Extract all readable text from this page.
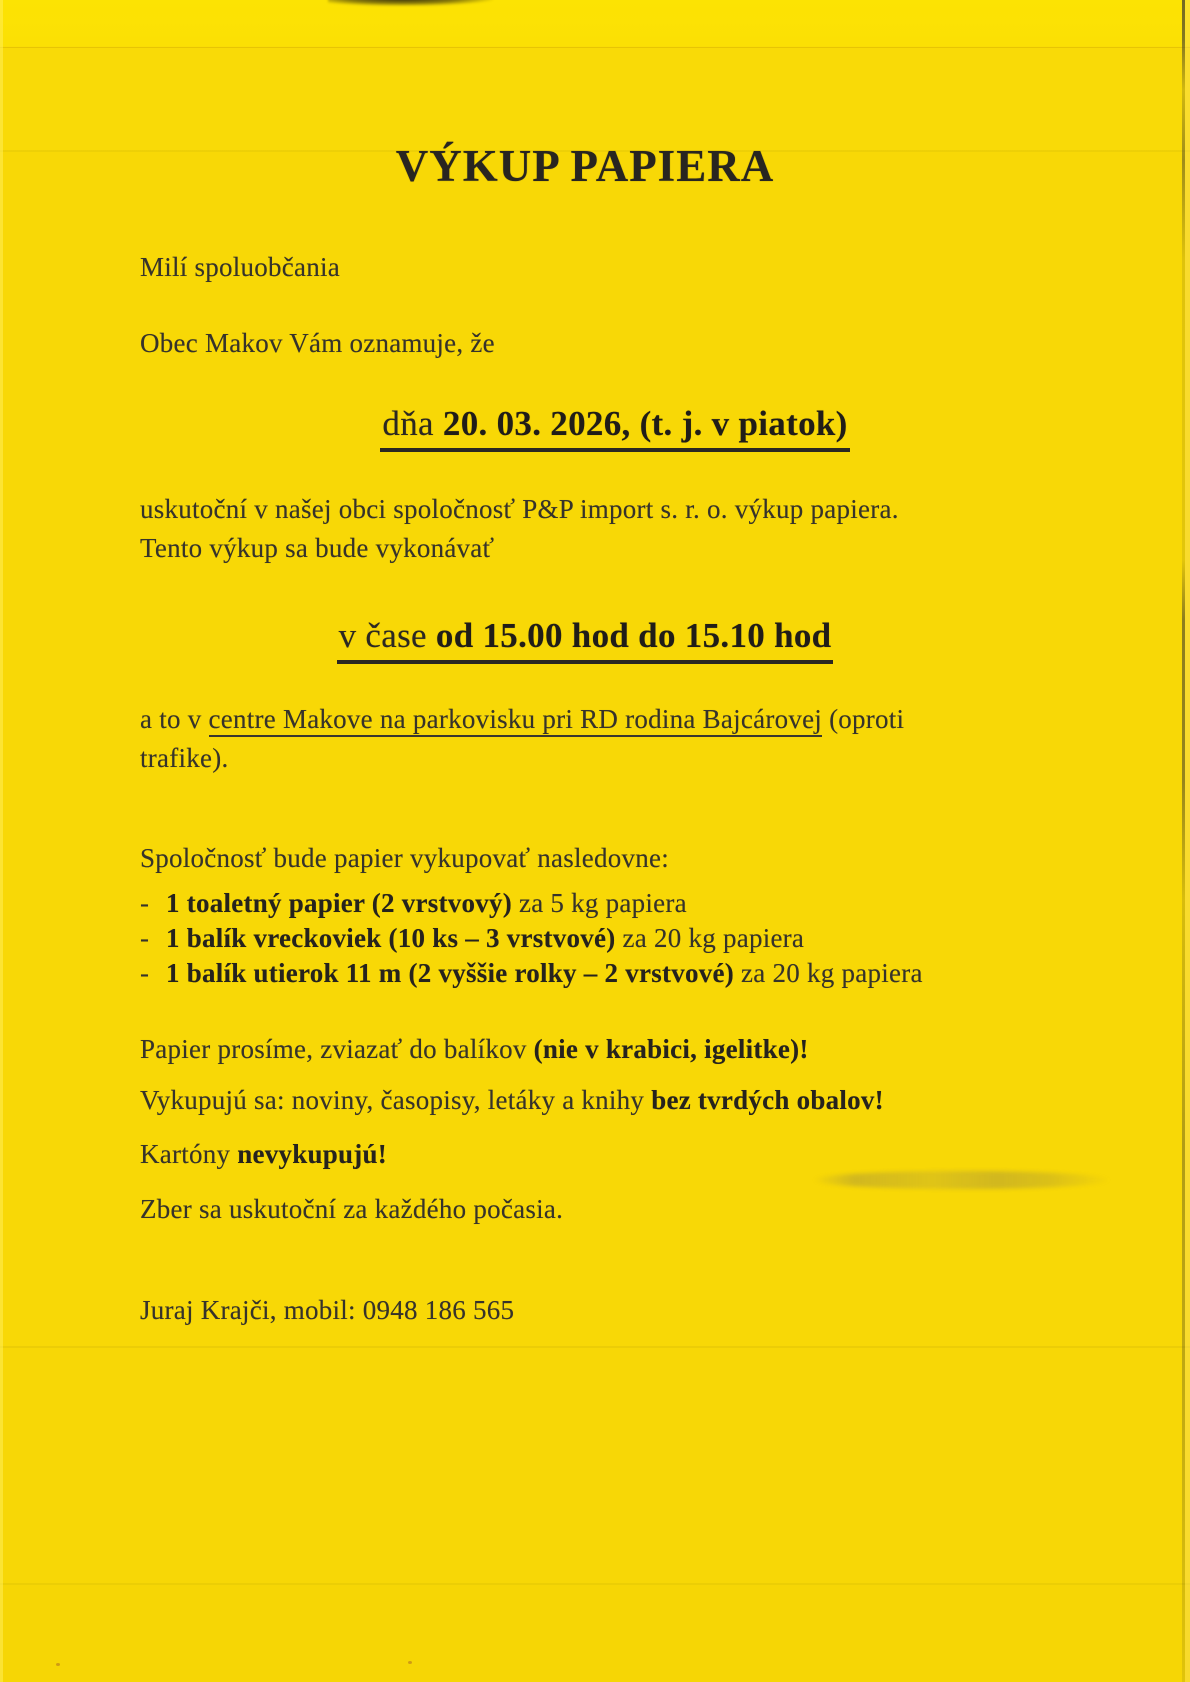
VÝKUP PAPIERA
Milí spoluobčania
Obec Makov Vám oznamuje, že
dňa 20. 03. 2026, (t. j. v piatok)
uskutoční v našej obci spoločnosť P&P import s. r. o. výkup papiera.
Tento výkup sa bude vykonávať
v čase od 15.00 hod do 15.10 hod
a to v centre Makove na parkovisku pri RD rodina Bajcárovej (oproti
trafike).
Spoločnosť bude papier vykupovať nasledovne:
- 1 toaletný papier (2 vrstvový) za 5 kg papiera
- 1 balík vreckoviek (10 ks – 3 vrstvové) za 20 kg papiera
- 1 balík utierok 11 m (2 vyššie rolky – 2 vrstvové) za 20 kg papiera
Papier prosíme, zviazať do balíkov (nie v krabici, igelitke)!
Vykupujú sa: noviny, časopisy, letáky a knihy bez tvrdých obalov!
Kartóny nevykupujú!
Zber sa uskutoční za každého počasia.
Juraj Krajči, mobil: 0948 186 565
